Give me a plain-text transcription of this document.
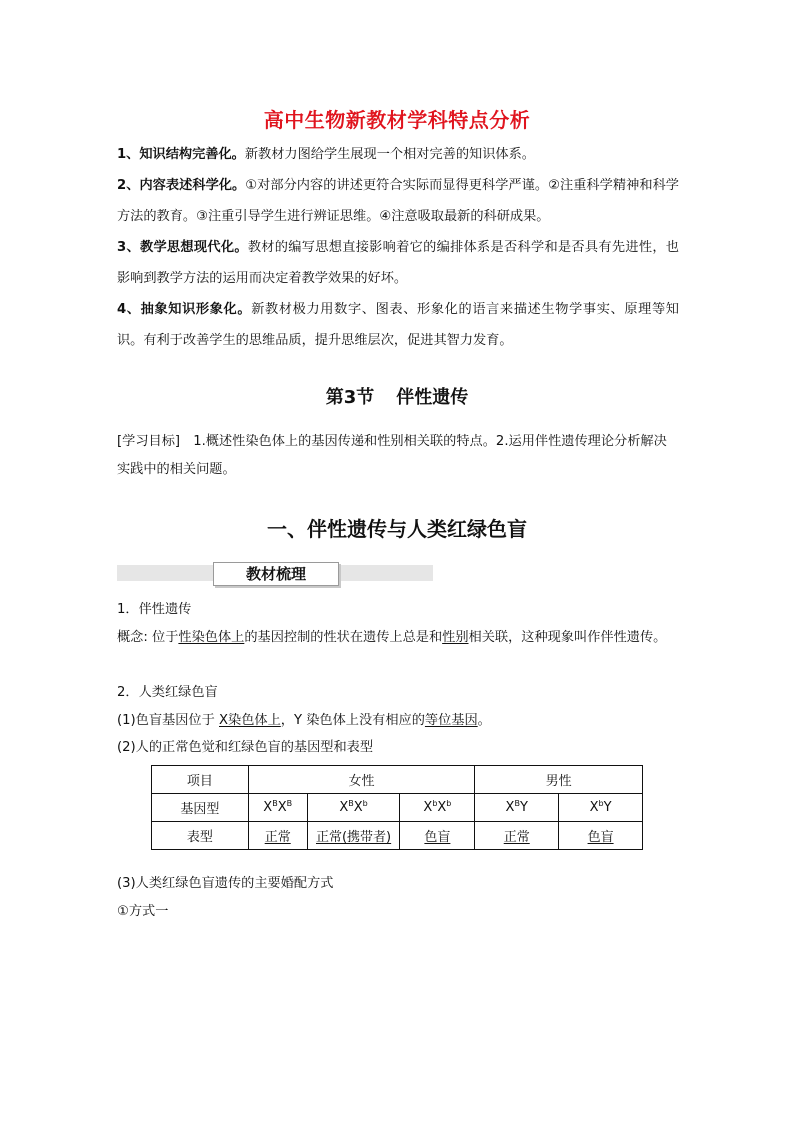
高中生物新教材学科特点分析
1、知识结构完善化。新教材力图给学生展现一个相对完善的知识体系。
2、内容表述科学化。①对部分内容的讲述更符合实际而显得更科学严谨。②注重科学精神和科学方法的教育。③注重引导学生进行辨证思维。④注意吸取最新的科研成果。
3、教学思想现代化。教材的编写思想直接影响着它的编排体系是否科学和是否具有先进性，也影响到教学方法的运用而决定着教学效果的好坏。
4、抽象知识形象化。新教材极力用数字、图表、形象化的语言来描述生物学事实、原理等知识。有利于改善学生的思维品质，提升思维层次，促进其智力发育。
第3节 伴性遗传
[学习目标]　1.概述性染色体上的基因传递和性别相关联的特点。2.运用伴性遗传理论分析解决实践中的相关问题。
一、伴性遗传与人类红绿色盲
教材梳理
1．伴性遗传
概念: 位于性染色体上的基因控制的性状在遗传上总是和性别相关联，这种现象叫作伴性遗传。
2．人类红绿色盲
(1)色盲基因位于 X染色体上，Y 染色体上没有相应的等位基因。
(2)人的正常色觉和红绿色盲的基因型和表型
项目	女性			男性	
基因型	$X^BX^B$	$X^BX^b$	$X^bX^b$	$X^BY$	$X^bY$
表型	正常	正常(携带者)	色盲	正常	色盲
(3)人类红绿色盲遗传的主要婚配方式
①方式一
